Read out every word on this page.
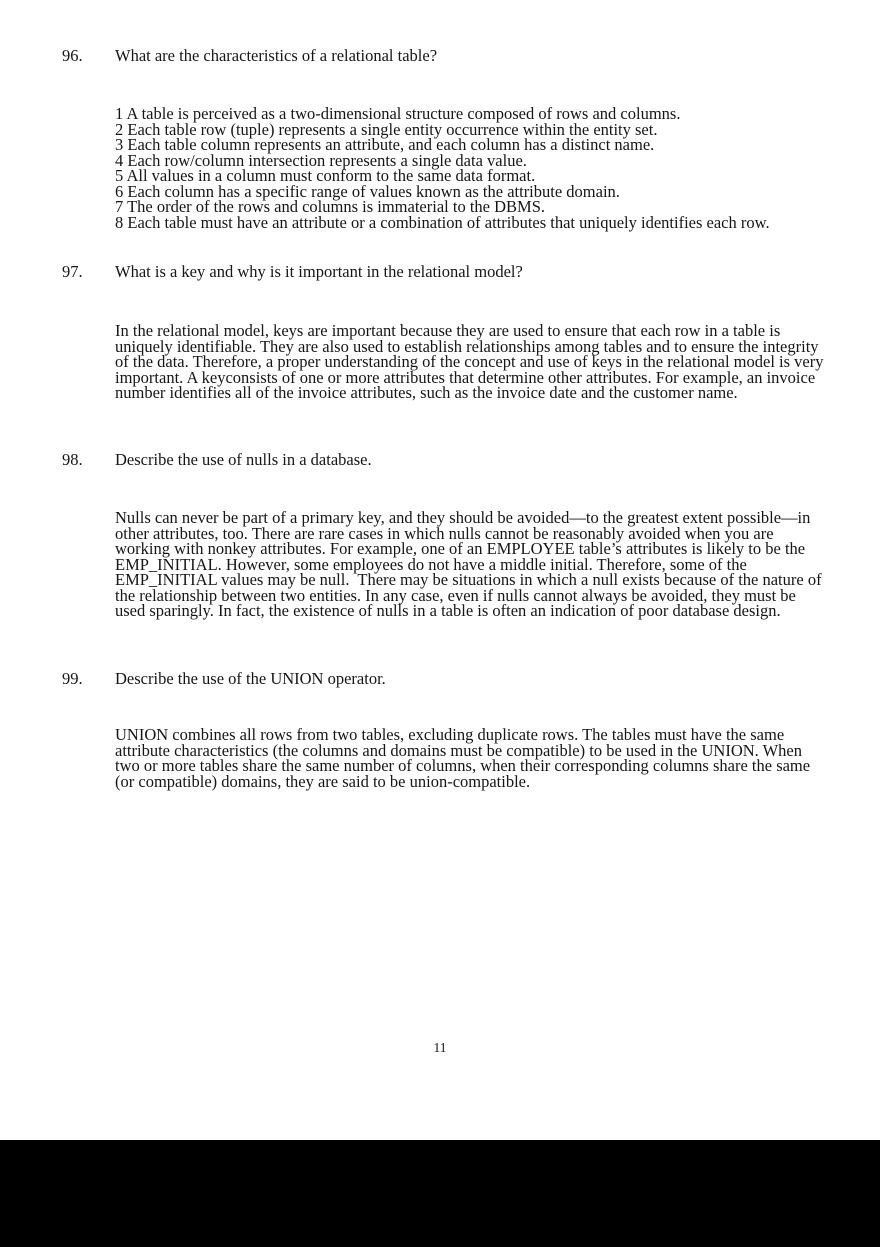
96.	What are the characteristics of a relational table?
1 A table is perceived as a two-dimensional structure composed of rows and columns.
2 Each table row (tuple) represents a single entity occurrence within the entity set.
3 Each table column represents an attribute, and each column has a distinct name.
4 Each row/column intersection represents a single data value.
5 All values in a column must conform to the same data format.
6 Each column has a specific range of values known as the attribute domain.
7 The order of the rows and columns is immaterial to the DBMS.
8 Each table must have an attribute or a combination of attributes that uniquely identifies each row.
97.	What is a key and why is it important in the relational model?

In the relational model, keys are important because they are used to ensure that each row in a table is uniquely identifiable. They are also used to establish relationships among tables and to ensure the integrity of the data. Therefore, a proper understanding of the concept and use of keys in the relational model is very important. A keyconsists of one or more attributes that determine other attributes. For example, an invoice number identifies all of the invoice attributes, such as the invoice date and the customer name.

98.	Describe the use of nulls in a database.

Nulls can never be part of a primary key, and they should be avoided—to the greatest extent possible—in other attributes, too. There are rare cases in which nulls cannot be reasonably avoided when you are working with nonkey attributes. For example, one of an EMPLOYEE table’s attributes is likely to be the EMP_INITIAL. However, some employees do not have a middle initial. Therefore, some of the EMP_INITIAL values may be null.  There may be situations in which a null exists because of the nature of the relationship between two entities. In any case, even if nulls cannot always be avoided, they must be used sparingly. In fact, the existence of nulls in a table is often an indication of poor database design.

99.	Describe the use of the UNION operator.

UNION combines all rows from two tables, excluding duplicate rows. The tables must have the same attribute characteristics (the columns and domains must be compatible) to be used in the UNION. When two or more tables share the same number of columns, when their corresponding columns share the same (or compatible) domains, they are said to be union-compatible.

11
